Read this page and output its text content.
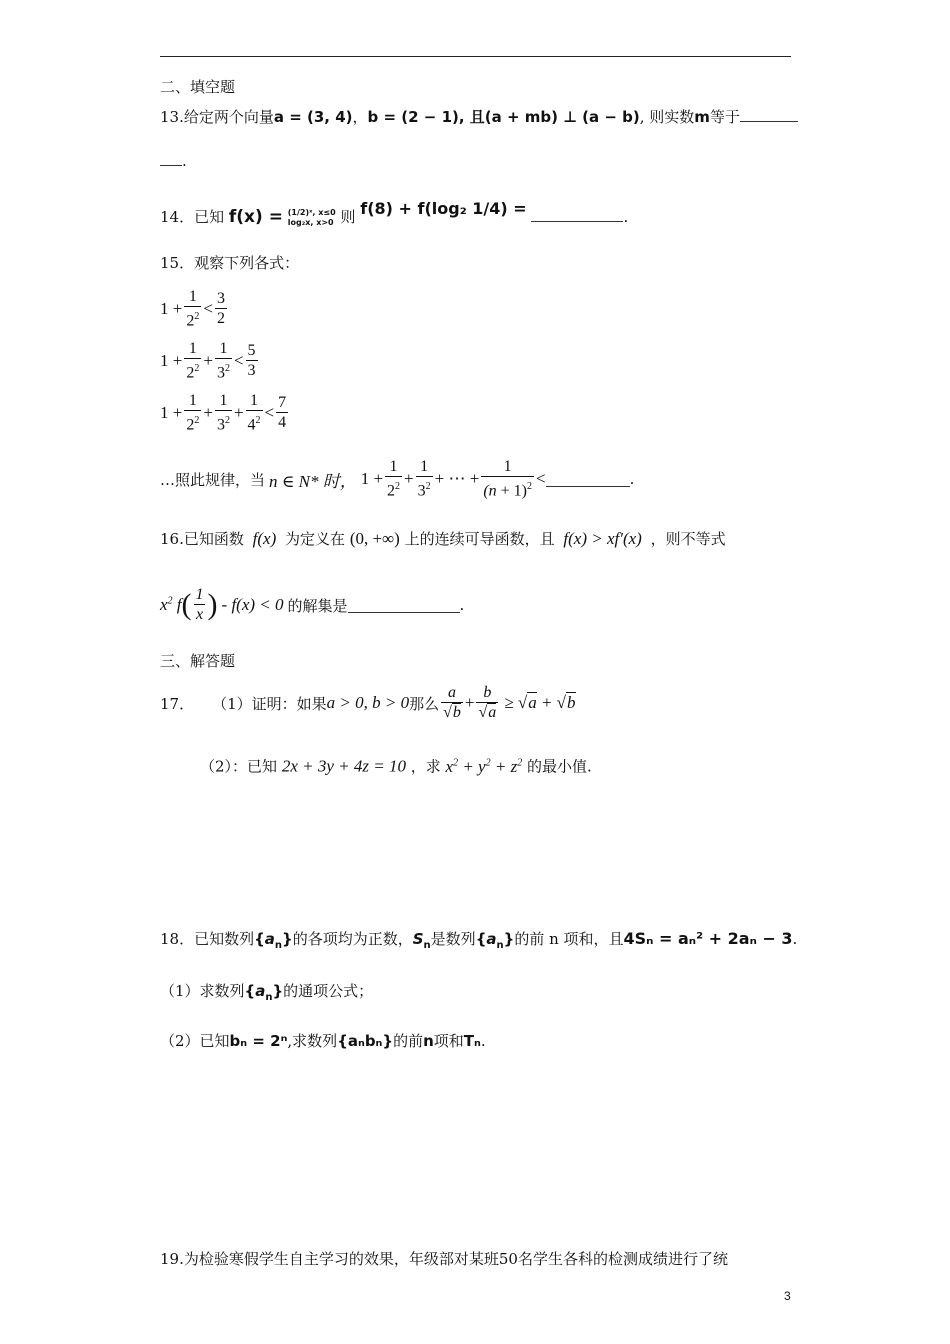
二、填空题
13.给定两个向量a = (3, 4)，b = (2 − 1), 且(a + mb) ⊥ (a − b), 则实数m等于
.
14．已知 f(x) = (1/2)ˣ, x≤0
log₂x, x>0 则 f(8) + f(log₂ 1/4) =	.
15．观察下列各式：
$1 + \frac{1}{2^2} < \frac{3}{2}$
$1 + \frac{1}{2^2} + \frac{1}{3^2} < \frac{5}{3}$
$1 + \frac{1}{2^2} + \frac{1}{3^2} + \frac{1}{4^2} < \frac{7}{4}$
…照此规律，当 n ∈ N* 时， $1 + \frac{1}{2^2} + \frac{1}{3^2}$ + ⋯ + $\frac{1}{(n + 1)^2}$ <	.
16.已知函数 f(x) 为定义在 (0, +∞) 上的连续可导函数，且 f(x) > xf′(x) ，则不等式
$x^2$ f ( $\frac{1}{x}$ ) - f(x) < 0 的解集是	.
三、解答题
17． （1）证明：如果 a > 0, b > 0 那么 $\frac{a}{√b} + \frac{b}{√a} \ge √a + √b$
（2）：已知 2x + 3y + 4z = 10 ，求 $x^2 + y^2 + z^2$ 的最小值.
18．已知数列$\{a_n\}$的各项均为正数，$S_n$是数列$\{a_n\}$的前 n 项和，且4Sₙ = aₙ² + 2aₙ − 3.
（1）求数列$\{a_n\}$的通项公式；
（2）已知bₙ = 2ⁿ,求数列{aₙbₙ}的前n项和Tₙ.
19.为检验寒假学生自主学习的效果，年级部对某班50名学生各科的检测成绩进行了统
3
